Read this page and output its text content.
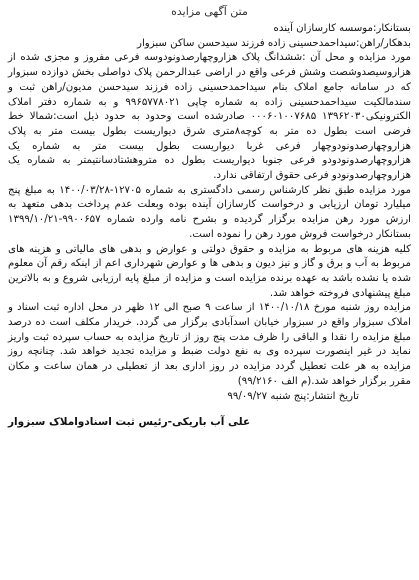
متن آگهی مزایده

بستانکار:موسسه کارسازان آینده

بدهکار/راهن:سیداحمدحسینی زاده فرزند سیدحسن ساکن سبزوار

مورد مزایده و محل آن :ششدانگ پلاک هزاروچهارصدونودوسه فرعی مفروز و مجزی شده از هزاروسیصدوشصت وشش فرعی واقع در اراضی عبدالرحمن پلاک دواصلی بخش دوازده سبزوار که در سامانه جامع املاک بنام سیداحمدحسینی زاده فرزند سیدحسن مدیون/راهن ثبت و سندمالکیت سیداحمدحسینی زاده به شماره چاپی ۹۹۶۵۷۷۸۰۲۱ و به شماره دفتر املاک الکترونیکی۱۳۹۶۲۰۳۰ ۰۰۰۶۰۱۰۰۷۶۸۵ صادرشده است وحدود به حدود ذیل است:شمالا خط فرضی است بطول ده متر به کوچه۸متری شرق دیواریست بطول بیست متر به پلاک هزاروچهارصدونودوچهار فرعی غربا دیواریست بطول بیست متر به شماره یک هزاروچهارصدونودودو فرعی جنوبا دیواریست بطول ده متروهشتادسانتیمتر به شماره یک هزاروچهارصدونودو فرعی حقوق ارتفاقی ندارد.

مورد مزایده طبق نظر کارشناس رسمی دادگستری به شماره ۱۲۷۰۵-۱۴۰۰/۰۳/۲۸ به مبلغ پنج میلیارد تومان ارزیابی و درخواست کارسازان آینده بوده وبعلت عدم پرداخت بدهی متعهد به ارزش مورد رهن مزایده برگزار گردیده و بشرح نامه وارده شماره ۹۹۰۰۶۵۷-۱۳۹۹/۱۰/۲۱ بستانکار درخواست فروش مورد رهن را نموده است.

کلیه هزینه های مربوط به مزایده و حقوق دولتی و عوارض و بدهی های مالیاتی و هزینه های مربوط به آب و برق و گاز و نیز دیون و بدهی ها و عوارض شهرداری اعم از اینکه رقم آن معلوم شده یا نشده باشد به عهده برنده مزایده است و مزایده از مبلغ پایه ارزیابی شروع و به بالاترین مبلغ پیشنهادی فروخته خواهد شد.

مزایده روز شنبه مورخ ۱۴۰۰/۱۰/۱۸ از ساعت ۹ صبح الی ۱۲ ظهر در محل اداره ثبت اسناد و املاک سبزوار واقع در سبزوار خیابان اسدآبادی برگزار می گردد. خریدار مکلف است ده درصد مبلغ مزایده را نقدا و الباقی را ظرف مدت پنج روز از تاریخ مزایده به حساب سپرده ثبت واریز نماید در غیر اینصورت سپرده وی به نفع دولت ضبط و مزایده تجدید خواهد شد. چنانچه روز مزایده به هر علت تعطیل گردد مزایده در روز اداری بعد از تعطیلی در همان ساعت و مکان مقرر برگزار خواهد شد.(م الف ۹۹/۲۱۶۰)

تاریخ انتشار:پنج شنبه ۹۹/۰۹/۲۷
علی آب باریکی-رئیس ثبت اسنادواملاک سبزوار
